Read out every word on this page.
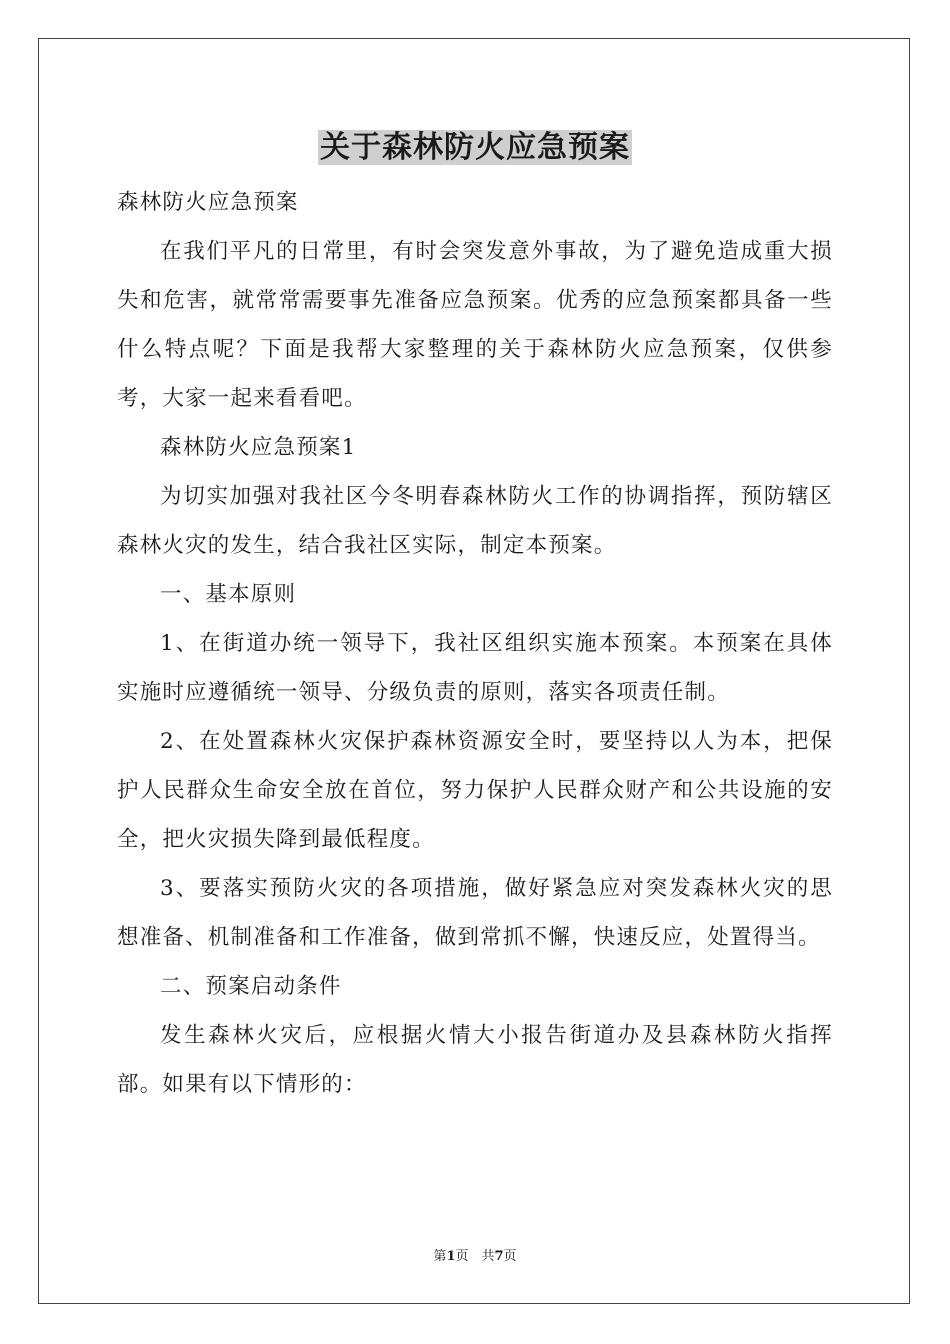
关于森林防火应急预案

森林防火应急预案

在我们平凡的日常里，有时会突发意外事故，为了避免造成重大损失和危害，就常常需要事先准备应急预案。优秀的应急预案都具备一些什么特点呢？下面是我帮大家整理的关于森林防火应急预案，仅供参考，大家一起来看看吧。

森林防火应急预案1

为切实加强对我社区今冬明春森林防火工作的协调指挥，预防辖区森林火灾的发生，结合我社区实际，制定本预案。

一、基本原则

1、在街道办统一领导下，我社区组织实施本预案。本预案在具体实施时应遵循统一领导、分级负责的原则，落实各项责任制。

2、在处置森林火灾保护森林资源安全时，要坚持以人为本，把保护人民群众生命安全放在首位，努力保护人民群众财产和公共设施的安全，把火灾损失降到最低程度。

3、要落实预防火灾的各项措施，做好紧急应对突发森林火灾的思想准备、机制准备和工作准备，做到常抓不懈，快速反应，处置得当。

二、预案启动条件

发生森林火灾后，应根据火情大小报告街道办及县森林防火指挥部。如果有以下情形的：

第1页　共7页
